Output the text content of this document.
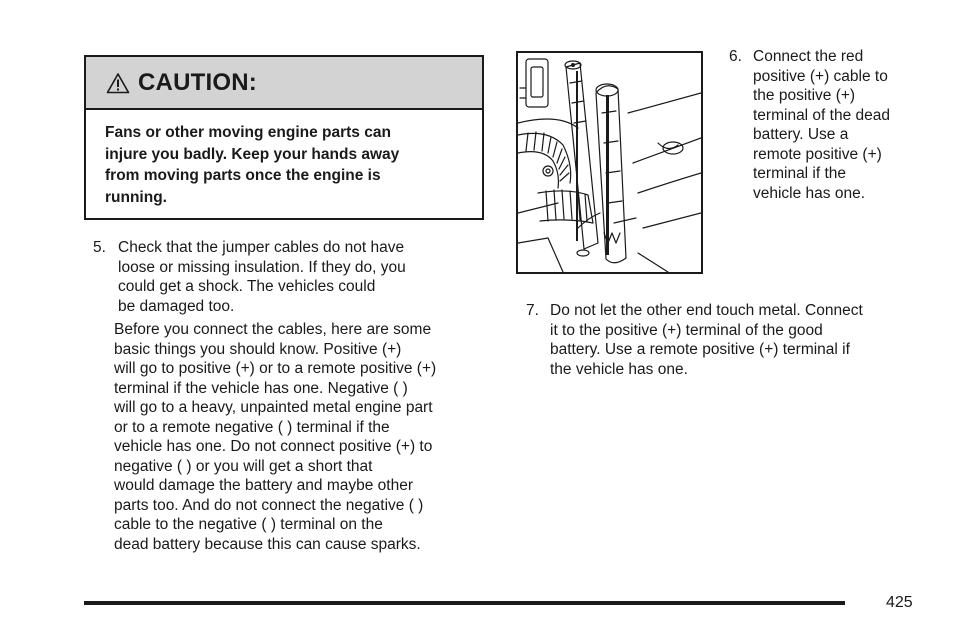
CAUTION:
Fans or other moving engine parts can
injure you badly. Keep your hands away
from moving parts once the engine is
running.
5. Check that the jumper cables do not have
loose or missing insulation. If they do, you
could get a shock. The vehicles could
be damaged too.
Before you connect the cables, here are some
basic things you should know. Positive (+)
will go to positive (+) or to a remote positive (+)
terminal if the vehicle has one. Negative ( )
will go to a heavy, unpainted metal engine part
or to a remote negative ( ) terminal if the
vehicle has one. Do not connect positive (+) to
negative ( ) or you will get a short that
would damage the battery and maybe other
parts too. And do not connect the negative ( )
cable to the negative ( ) terminal on the
dead battery because this can cause sparks.
6. Connect the red
positive (+) cable to
the positive (+)
terminal of the dead
battery. Use a
remote positive (+)
terminal if the
vehicle has one.
7. Do not let the other end touch metal. Connect
it to the positive (+) terminal of the good
battery. Use a remote positive (+) terminal if
the vehicle has one.
425
